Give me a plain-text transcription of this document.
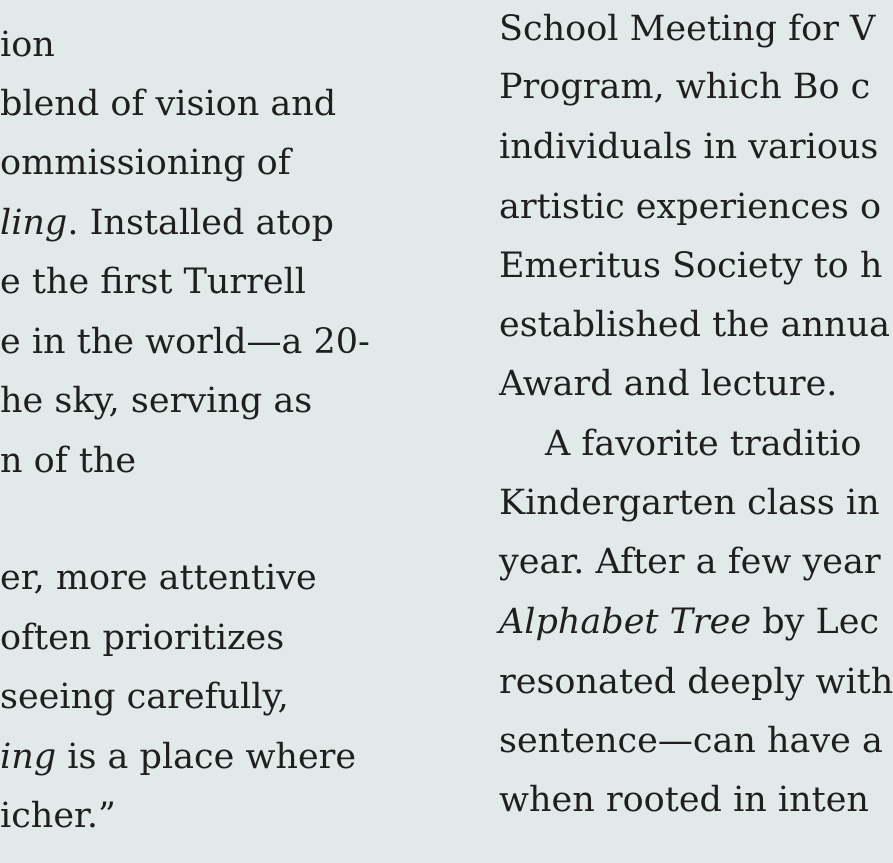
ion
blend of vision and
ommissioning of
ling. Installed atop
e the first Turrell
e in the world—a 20-
he sky, serving as
n of the
er, more attentive
often prioritizes
seeing carefully,
ing is a place where
icher.”
School Meeting for V
Program, which Bo c
individuals in various
artistic experiences o
Emeritus Society to h
established the annua
Award and lecture.
A favorite traditio
Kindergarten class in
year. After a few year
Alphabet Tree by Lec
resonated deeply with
sentence—can have a
when rooted in inten
